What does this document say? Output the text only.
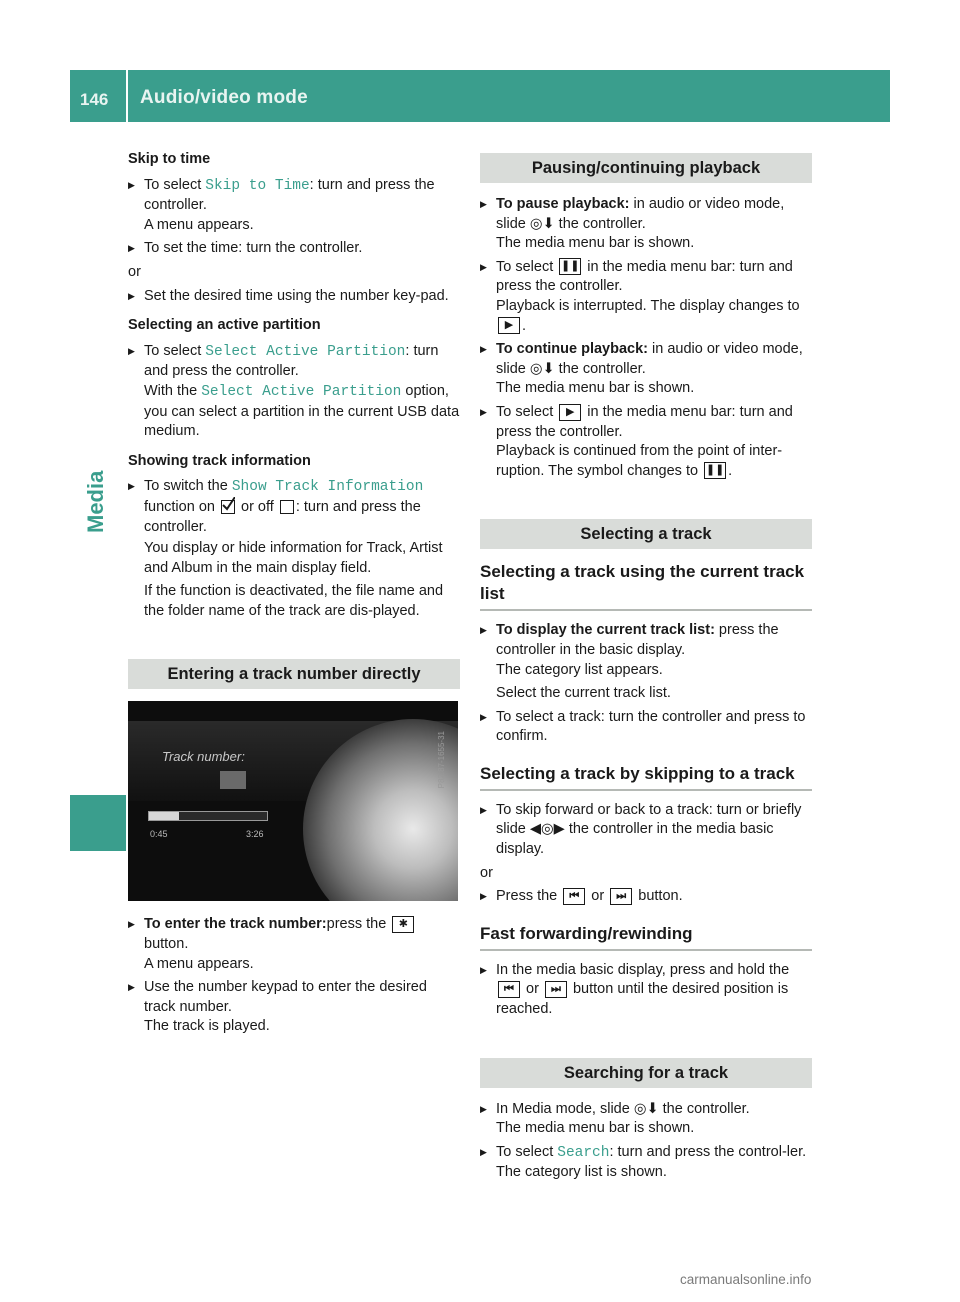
146 Audio/video mode
Media
Skip to time
▶ To select Skip to Time: turn and press the controller.
A menu appears.
▶ To set the time: turn the controller.
or
▶ Set the desired time using the number key-pad.
Selecting an active partition
▶ To select Select Active Partition: turn and press the controller.
With the Select Active Partition option, you can select a partition in the current USB data medium.
Showing track information
▶ To switch the Show Track Information function on
or off : turn and press the controller.
You display or hide information for Track, Artist and Album in the main display field.
If the function is deactivated, the file name and the folder name of the track are dis-played.
Entering a track number directly
Track number:
0:45	3:26
P82.87-1655-31
▶ To enter the track number:press the ✱ button.
A menu appears.
▶ Use the number keypad to enter the desired track number.
The track is played.
Pausing/continuing playback
▶ To pause playback: in audio or video mode, slide ◎⬇ the controller.
The media menu bar is shown.
▶ To select ❚❚ in the media menu bar: turn and press the controller.
Playback is interrupted. The display changes to ▶ .
▶ To continue playback: in audio or video mode, slide ◎⬇ the controller.
The media menu bar is shown.
▶ To select ▶ in the media menu bar: turn and press the controller.
Playback is continued from the point of inter-ruption. The symbol changes to ❚❚ .
Selecting a track
Selecting a track using the current track list
▶ To display the current track list: press the controller in the basic display.
The category list appears.
Select the current track list.
▶ To select a track: turn the controller and press to confirm.
Selecting a track by skipping to a track
▶ To skip forward or back to a track: turn or briefly slide ◀◎▶ the controller in the media basic display.
or
▶ Press the ⏮ or ⏭ button.
Fast forwarding/rewinding
▶ In the media basic display, press and hold the ⏮ or ⏭ button until the desired position is reached.
Searching for a track
▶ In Media mode, slide ◎⬇ the controller.
The media menu bar is shown.
▶ To select Search: turn and press the control-ler.
The category list is shown.
carmanualsonline.info
